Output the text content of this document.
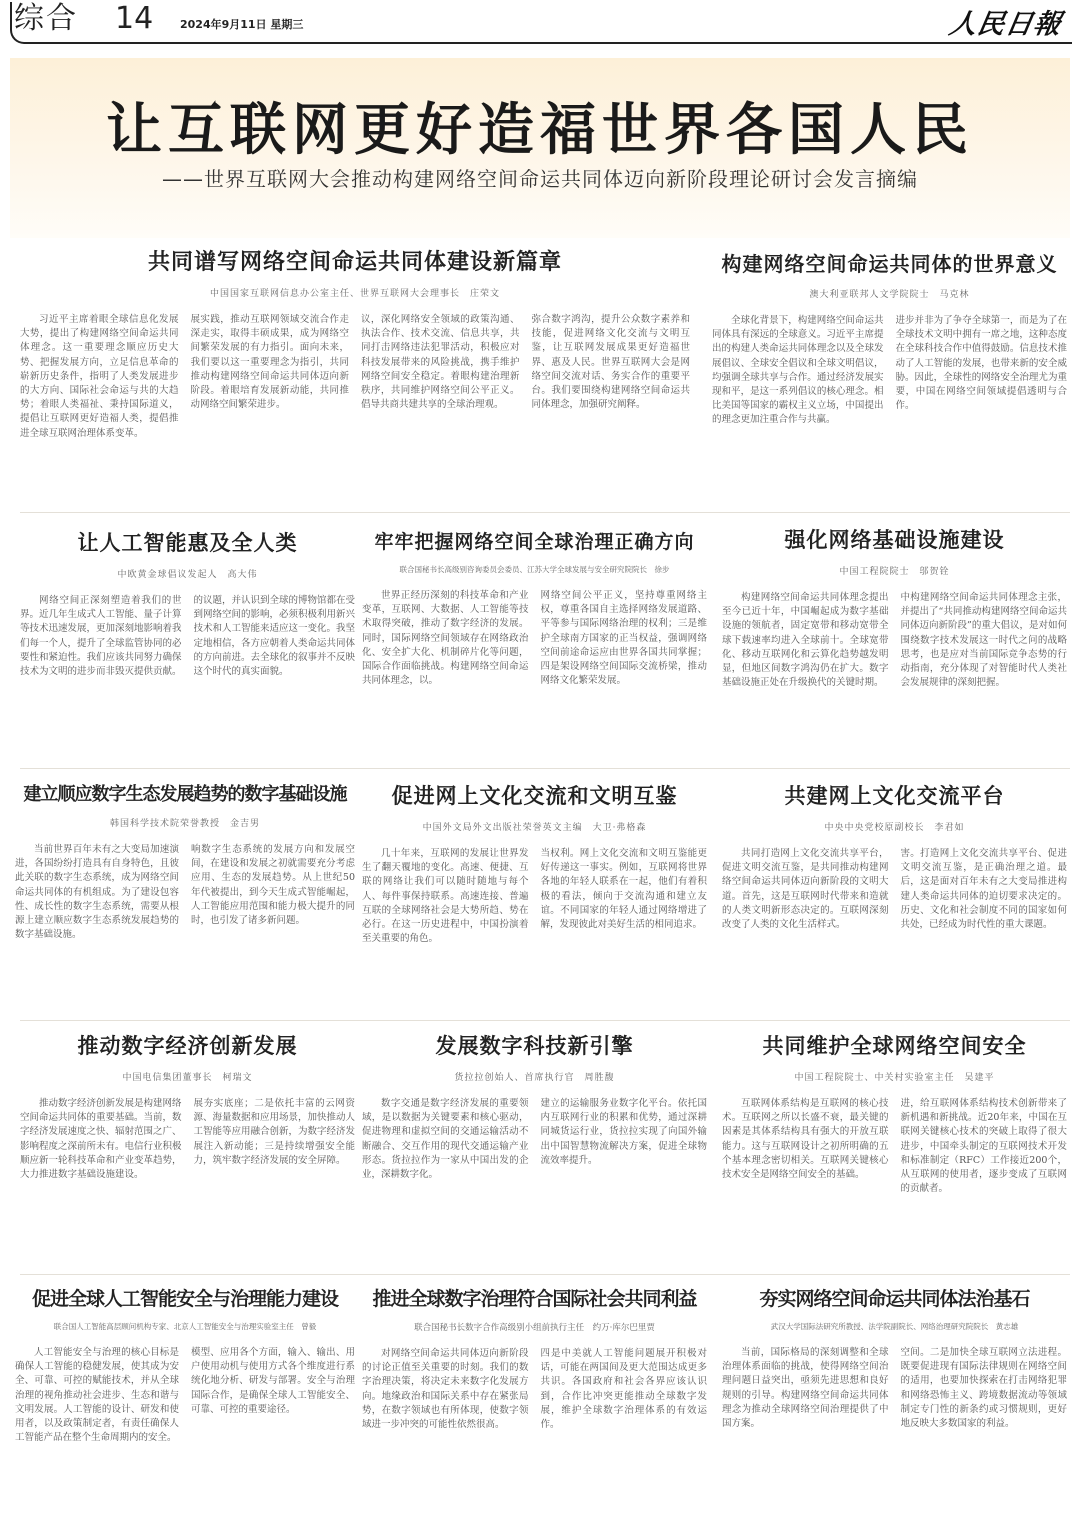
综合 14 2024年9月11日 星期三	人民日報
让互联网更好造福世界各国人民
——世界互联网大会推动构建网络空间命运共同体迈向新阶段理论研讨会发言摘编
共同谱写网络空间命运共同体建设新篇章
中国国家互联网信息办公室主任、世界互联网大会理事长　庄荣文

习近平主席着眼全球信息化发展大势，提出了构建网络空间命运共同体理念。这一重要理念顺应历史大势、把握发展方向，立足信息革命的崭新历史条件，指明了人类发展进步的大方向、国际社会命运与共的大趋势；着眼人类福祉、秉持国际道义，提倡让互联网更好造福人类，提倡推进全球互联网治理体系变革。

展实践，推动互联网领域交流合作走深走实，取得丰硕成果，成为网络空间繁荣发展的有力指引。面向未来，我们要以这一重要理念为指引，共同推动构建网络空间命运共同体迈向新阶段。着眼培育发展新动能，共同推动网络空间繁荣进步。

议，深化网络安全领域的政策沟通、执法合作、技术交流、信息共享，共同打击网络违法犯罪活动，积极应对科技发展带来的风险挑战，携手维护网络空间安全稳定。着眼构建治理新秩序，共同维护网络空间公平正义。倡导共商共建共享的全球治理观。

弥合数字鸿沟，提升公众数字素养和技能，促进网络文化交流与文明互鉴，让互联网发展成果更好造福世界、惠及人民。世界互联网大会是网络空间交流对话、务实合作的重要平台。我们要围绕构建网络空间命运共同体理念，加强研究阐释。

构建网络空间命运共同体的世界意义
澳大利亚联邦人文学院院士　马克林

全球化背景下，构建网络空间命运共同体具有深远的全球意义。习近平主席提出的构建人类命运共同体理念以及全球发展倡议、全球安全倡议和全球文明倡议，均强调全球共享与合作。通过经济发展实现和平，是这一系列倡议的核心理念。相比美国等国家的霸权主义立场，中国提出的理念更加注重合作与共赢。

进步并非为了争夺全球第一，而是为了在全球技术文明中拥有一席之地，这种态度在全球科技合作中值得鼓励。信息技术推动了人工智能的发展，也带来新的安全威胁。因此，全球性的网络安全治理尤为重要，中国在网络空间领域提倡透明与合作。

让人工智能惠及全人类
中欧黄金球倡议发起人　高大伟

网络空间正深刻塑造着我们的世界。近几年生成式人工智能、量子计算等技术迅速发展，更加深刻地影响着我们每一个人，提升了全球监管协同的必要性和紧迫性。我们应该共同努力确保技术为文明的进步而非毁灭提供贡献。

的议题，并认识到全球的博物馆都在受到网络空间的影响，必须积极利用新兴技术和人工智能来适应这一变化。我坚定地相信，各方应朝着人类命运共同体的方向前进。去全球化的叙事并不反映这个时代的真实面貌。

牢牢把握网络空间全球治理正确方向
联合国秘书长高级别咨询委员会委员、江苏大学全球发展与安全研究院院长　徐步

世界正经历深刻的科技革命和产业变革，互联网、大数据、人工智能等技术取得突破，推动了数字经济的发展。同时，国际网络空间领域存在网络政治化、安全扩大化、机制碎片化等问题，国际合作面临挑战。构建网络空间命运共同体理念，以。

网络空间公平正义，坚持尊重网络主权，尊重各国自主选择网络发展道路、平等参与国际网络治理的权利；三是维护全球南方国家的正当权益，强调网络空间前途命运应由世界各国共同掌握；四是架设网络空间国际交流桥梁，推动网络文化繁荣发展。

强化网络基础设施建设
中国工程院院士　邬贺铨

构建网络空间命运共同体理念提出至今已近十年，中国崛起成为数字基础设施的领航者，固定宽带和移动宽带全球下载速率均进入全球前十。全球宽带化、移动互联网化和云算化趋势越发明显，但地区间数字鸿沟仍在扩大。数字基础设施正处在升级换代的关键时期。

中构建网络空间命运共同体理念主张，并提出了“共同推动构建网络空间命运共同体迈向新阶段”的重大倡议，是对如何围绕数字技术发展这一时代之问的战略思考，也是应对当前国际竞争态势的行动指南，充分体现了对智能时代人类社会发展规律的深刻把握。

建立顺应数字生态发展趋势的数字基础设施
韩国科学技术院荣誉教授　金吉男

当前世界百年未有之大变局加速演进，各国纷纷打造具有自身特色，且彼此关联的数字生态系统，成为网络空间命运共同体的有机组成。为了建设包容性、成长性的数字生态系统，需要从根源上建立顺应数字生态系统发展趋势的数字基础设施。

响数字生态系统的发展方向和发展空间，在建设和发展之初就需要充分考虑应用、生态的发展趋势。从上世纪50年代被提出，到今天生成式智能崛起，人工智能应用范围和能力极大提升的同时，也引发了诸多新问题。

促进网上文化交流和文明互鉴
中国外文局外文出版社荣誉英文主编　大卫·弗格森

几十年来，互联网的发展让世界发生了翻天覆地的变化。高速、便捷、互联的网络让我们可以随时随地与每个人、每件事保持联系。高速连接、普遍互联的全球网络社会是大势所趋、势在必行。在这一历史进程中，中国扮演着至关重要的角色。

当权利。网上文化交流和文明互鉴能更好传递这一事实。例如，互联网将世界各地的年轻人联系在一起，他们有着积极的看法，倾向于交流沟通和建立友谊。不同国家的年轻人通过网络增进了解，发现彼此对美好生活的相同追求。

共建网上文化交流平台
中央中央党校原副校长　李君如

共同打造网上文化交流共享平台，促进文明交流互鉴，是共同推动构建网络空间命运共同体迈向新阶段的文明大道。首先，这是互联网时代带来和造就的人类文明新形态决定的。互联网深刻改变了人类的文化生活样式。

害。打造网上文化交流共享平台、促进文明交流互鉴，是正确治理之道。最后，这是面对百年未有之大变局推进构建人类命运共同体的迫切要求决定的。历史、文化和社会制度不同的国家如何共处，已经成为时代性的重大课题。

推动数字经济创新发展
中国电信集团董事长　柯瑞文

推动数字经济创新发展是构建网络空间命运共同体的重要基础。当前，数字经济发展速度之快、辐射范围之广、影响程度之深前所未有。电信行业积极顺应新一轮科技革命和产业变革趋势，大力推进数字基础设施建设。

展夯实底座；二是依托丰富的云网资源、海量数据和应用场景，加快推动人工智能等应用融合创新，为数字经济发展注入新动能；三是持续增强安全能力，筑牢数字经济发展的安全屏障。

发展数字科技新引擎
货拉拉创始人、首席执行官　周胜馥

数字交通是数字经济发展的重要领域，是以数据为关键要素和核心驱动，促进物理和虚拟空间的交通运输活动不断融合、交互作用的现代交通运输产业形态。货拉拉作为一家从中国出发的企业，深耕数字化。

建立的运输服务业数字化平台。依托国内互联网行业的积累和优势，通过深耕同城货运行业，货拉拉实现了向国外输出中国智慧物流解决方案，促进全球物流效率提升。

共同维护全球网络空间安全
中国工程院院士、中关村实验室主任　吴建平

互联网体系结构是互联网的核心技术。互联网之所以长盛不衰，最关键的因素是其体系结构具有强大的开放互联能力。这与互联网设计之初所明确的五个基本理念密切相关。互联网关键核心技术安全是网络空间安全的基础。

进，给互联网体系结构技术创新带来了新机遇和新挑战。近20年来，中国在互联网关键核心技术的突破上取得了很大进步，中国牵头制定的互联网技术开发和标准制定（RFC）工作接近200个，从互联网的使用者，逐步变成了互联网的贡献者。

促进全球人工智能安全与治理能力建设
联合国人工智能高层顾问机构专家、北京人工智能安全与治理实验室主任　曾毅

人工智能安全与治理的核心目标是确保人工智能的稳健发展，使其成为安全、可靠、可控的赋能技术，并从全球治理的视角推动社会进步、生态和谐与文明发展。人工智能的设计、研发和使用者，以及政策制定者，有责任确保人工智能产品在整个生命周期内的安全。

模型、应用各个方面，输入、输出、用户使用动机与使用方式各个维度进行系统化地分析、研发与部署。安全与治理国际合作，是确保全球人工智能安全、可靠、可控的重要途径。

推进全球数字治理符合国际社会共同利益
联合国秘书长数字合作高级别小组前执行主任　约万·库尔巴里贾

对网络空间命运共同体迈向新阶段的讨论正值至关重要的时刻。我们的数字治理决策，将决定未来数字化发展方向。地缘政治和国际关系中存在紧张局势，在数字领域也有所体现，使数字领域进一步冲突的可能性依然很高。

四是中美就人工智能问题展开积极对话，可能在两国间及更大范围达成更多共识。各国政府和社会各界应该认识到，合作比冲突更能推动全球数字发展，维护全球数字治理体系的有效运作。

夯实网络空间命运共同体法治基石
武汉大学国际法研究所教授、法学院副院长、网络治理研究院院长　黄志雄

当前，国际格局的深刻调整和全球治理体系面临的挑战，使得网络空间治理问题日益突出，亟须先进思想和良好规则的引导。构建网络空间命运共同体理念为推动全球网络空间治理提供了中国方案。

空间。二是加快全球互联网立法进程。既要促进现有国际法律规则在网络空间的适用，也要加快探索在打击网络犯罪和网络恐怖主义、跨境数据流动等领域制定专门性的新条约或习惯规则，更好地反映大多数国家的利益。
